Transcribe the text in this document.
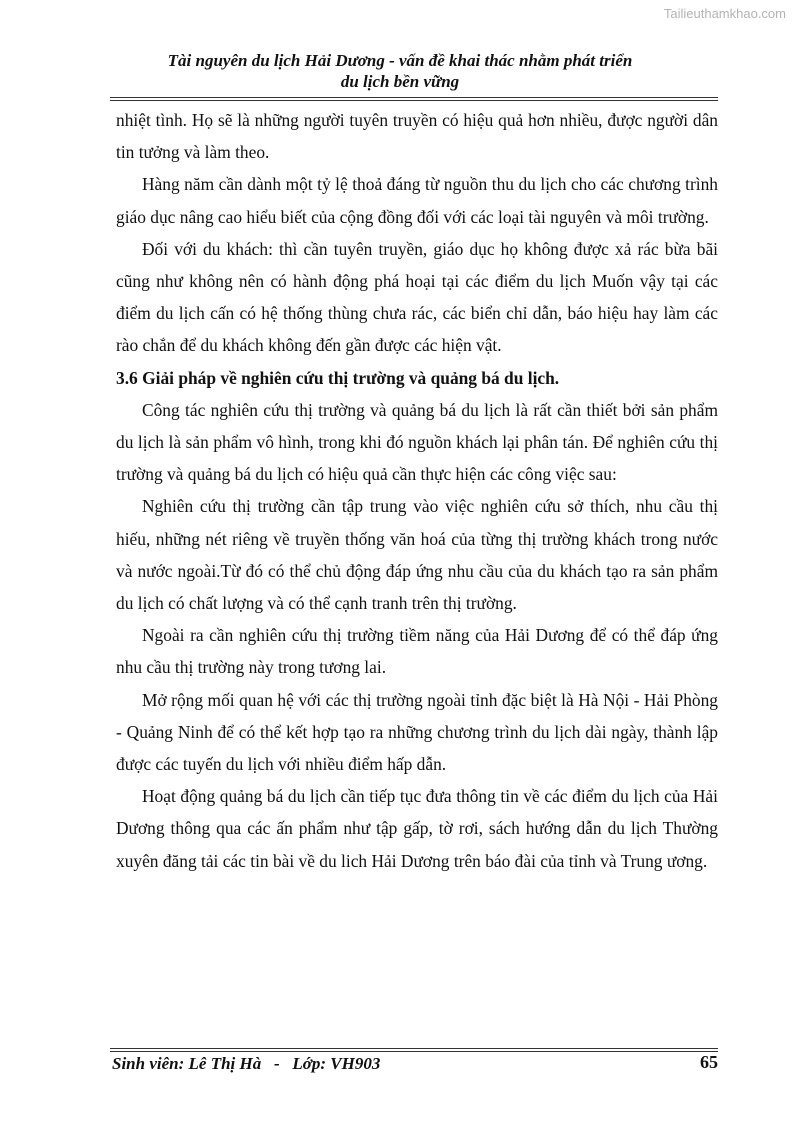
Tailieuthamkhao.com
Tài nguyên du lịch Hải Dương - vấn đề khai thác nhằm phát triển
du lịch bền vững

nhiệt tình. Họ sẽ là những người tuyên truyền có hiệu quả hơn nhiều, được người dân tin tưởng và làm theo.

Hàng năm cần dành một tỷ lệ thoả đáng từ nguồn thu du lịch cho các chương trình giáo dục nâng cao hiểu biết của cộng đồng đối với các loại tài nguyên và môi trường.

Đối với du khách: thì cần tuyên truyền, giáo dục họ không được xả rác bừa bãi cũng như không nên có hành động phá hoại tại các điểm du lịch Muốn vậy tại các điểm du lịch cấn có hệ thống thùng chưa rác, các biển chỉ dẫn, báo hiệu hay làm các rào chắn để du khách không đến gần được các hiện vật.

3.6 Giải pháp về nghiên cứu thị trường và quảng bá du lịch.

Công tác nghiên cứu thị trường và quảng bá du lịch là rất cần thiết bởi sản phẩm du lịch là sản phẩm vô hình, trong khi đó nguồn khách lại phân tán. Để nghiên cứu thị trường và quảng bá du lịch có hiệu quả cần thực hiện các công việc sau:

Nghiên cứu thị trường cần tập trung vào việc nghiên cứu sở thích, nhu cầu thị hiếu, những nét riêng về truyền thống văn hoá của từng thị trường khách trong nước và nước ngoài.Từ đó có thể chủ động đáp ứng nhu cầu của du khách tạo ra sản phẩm du lịch có chất lượng và có thể cạnh tranh trên thị trường.

Ngoài ra cần nghiên cứu thị trường tiềm năng của Hải Dương để có thể đáp ứng nhu cầu thị trường này trong tương lai.

Mở rộng mối quan hệ với các thị trường ngoài tỉnh đặc biệt là Hà Nội - Hải Phòng - Quảng Ninh để có thể kết hợp tạo ra những chương trình du lịch dài ngày, thành lập được các tuyến du lịch với nhiều điểm hấp dẫn.

Hoạt động quảng bá du lịch cần tiếp tục đưa thông tin về các điểm du lịch của Hải Dương thông qua các ấn phẩm như tập gấp, tờ rơi, sách hướng dẫn du lịch Thường xuyên đăng tải các tin bài về du lich Hải Dương trên báo đài của tỉnh và Trung ương.

Sinh viên: Lê Thị Hà   -   Lớp: VH903	65
